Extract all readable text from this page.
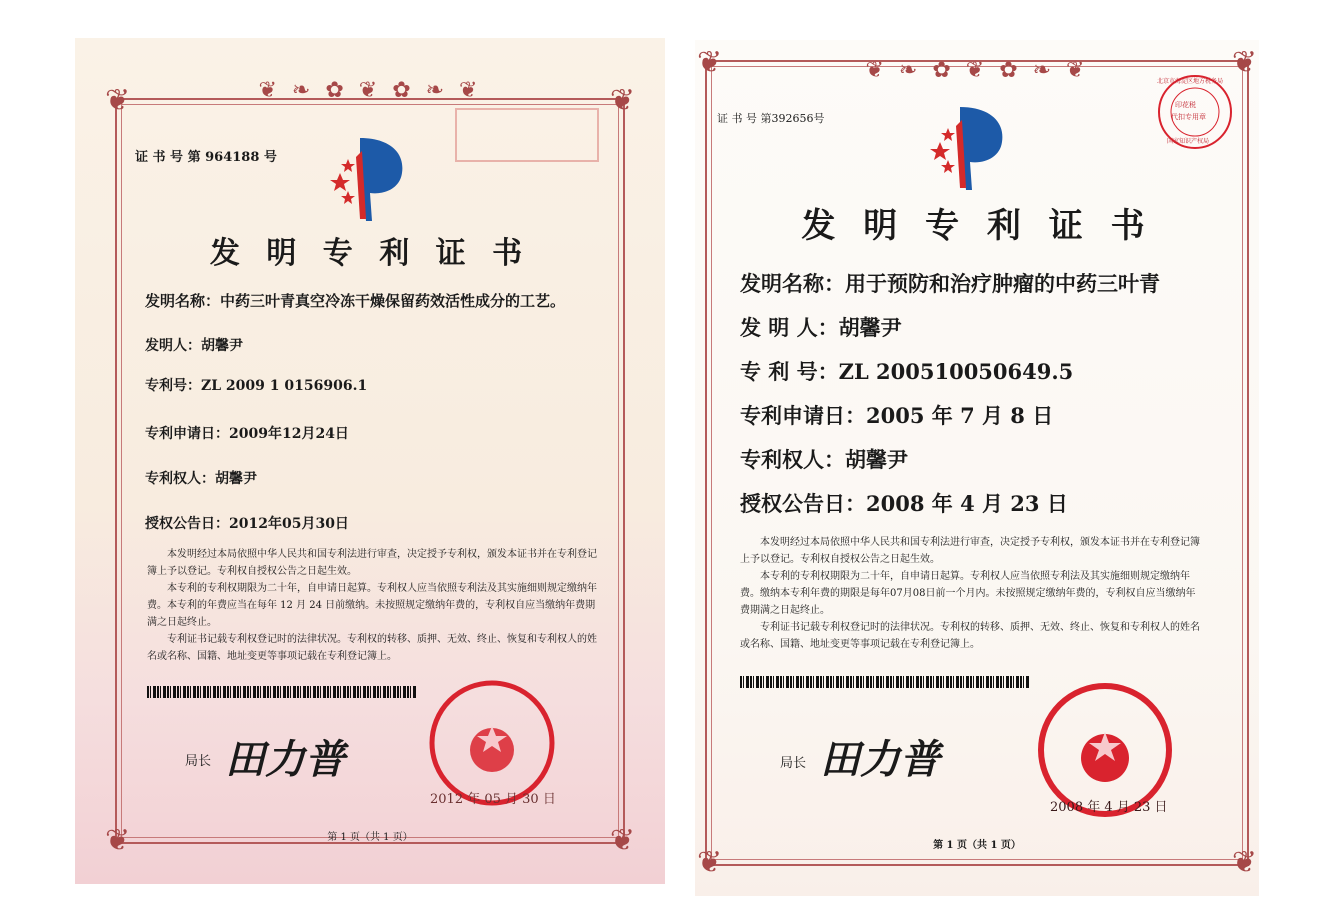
❦ ❧ ✿ ❦ ✿ ❧ ❦
❦	❦
❦	❦
证 书 号 第 964188 号
发 明 专 利 证 书
发明名称：中药三叶青真空冷冻干燥保留药效活性成分的工艺。
发明人：胡馨尹
专利号：ZL 2009 1 0156906.1
专利申请日：2009年12月24日
专利权人：胡馨尹
授权公告日：2012年05月30日

本发明经过本局依照中华人民共和国专利法进行审查，决定授予专利权，颁发本证书并在专利登记簿上予以登记。专利权自授权公告之日起生效。

本专利的专利权期限为二十年，自申请日起算。专利权人应当依照专利法及其实施细则规定缴纳年费。本专利的年费应当在每年 12 月 24 日前缴纳。未按照规定缴纳年费的，专利权自应当缴纳年费期满之日起终止。

专利证书记载专利权登记时的法律状况。专利权的转移、质押、无效、终止、恢复和专利权人的姓名或名称、国籍、地址变更等事项记载在专利登记簿上。

局长 田力普
2012 年 05 月 30 日
第 1 页（共 1 页）
❦ ❧ ✿ ❦ ✿ ❧ ❦
❦	❦
❦	❦
证 书 号 第392656号
印花税
代扣专用章
北京市海淀区地方税务局
国家知识产权局
发 明 专 利 证 书
发明名称：用于预防和治疗肿瘤的中药三叶青
发 明 人：胡馨尹
专 利 号：ZL 200510050649.5
专利申请日：2005 年 7 月 8 日
专利权人：胡馨尹
授权公告日：2008 年 4 月 23 日

本发明经过本局依照中华人民共和国专利法进行审查，决定授予专利权，颁发本证书并在专利登记簿上予以登记。专利权自授权公告之日起生效。

本专利的专利权期限为二十年，自申请日起算。专利权人应当依照专利法及其实施细则规定缴纳年费。缴纳本专利年费的期限是每年07月08日前一个月内。未按照规定缴纳年费的，专利权自应当缴纳年费期满之日起终止。

专利证书记载专利权登记时的法律状况。专利权的转移、质押、无效、终止、恢复和专利权人的姓名或名称、国籍、地址变更等事项记载在专利登记簿上。

局长 田力普
2008 年 4 月 23 日
第 1 页（共 1 页）
